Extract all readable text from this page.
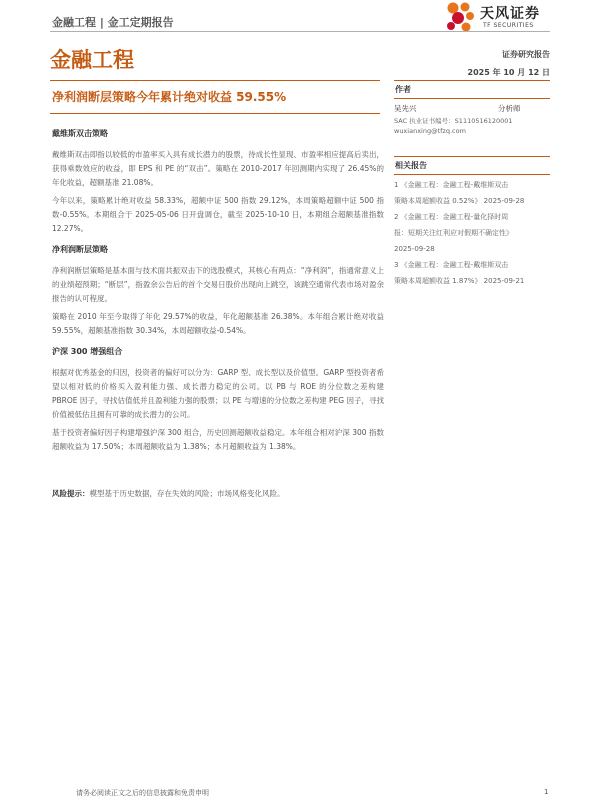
金融工程 | 金工定期报告
天风证券
TF SECURITIES
金融工程	证券研究报告
2025 年 10 月 12 日
净利润断层策略今年累计绝对收益 59.55%
戴维斯双击策略

戴维斯双击即指以较低的市盈率买入具有成长潜力的股票，待成长性显现、市盈率相应提高后卖出，获得乘数效应的收益，即 EPS 和 PE 的“双击”。策略在 2010-2017 年回测期内实现了 26.45%的年化收益，超额基准 21.08%。

今年以来，策略累计绝对收益 58.33%，超额中证 500 指数 29.12%，本周策略超额中证 500 指数-0.55%。本期组合于 2025-05-06 日开盘调仓，截至 2025-10-10 日，本期组合超额基准指数 12.27%。

净利润断层策略

净利润断层策略是基本面与技术面共振双击下的选股模式，其核心有两点：“净利润”，指通常意义上的业绩超预期；“断层”，指盈余公告后的首个交易日股价出现向上跳空，该跳空通常代表市场对盈余报告的认可程度。

策略在 2010 年至今取得了年化 29.57%的收益，年化超额基准 26.38%。本年组合累计绝对收益 59.55%，超额基准指数 30.34%，本周超额收益-0.54%。

沪深 300 增强组合

根据对优秀基金的归因，投资者的偏好可以分为：GARP 型、成长型以及价值型。GARP 型投资者希望以相对低的价格买入盈利能力强、成长潜力稳定的公司。以 PB 与 ROE 的分位数之差构建 PBROE 因子，寻找估值低并且盈利能力强的股票；以 PE 与增速的分位数之差构建 PEG 因子，寻找价值被低估且拥有可靠的成长潜力的公司。

基于投资者偏好因子构建增强沪深 300 组合，历史回测超额收益稳定。本年组合相对沪深 300 指数超额收益为 17.50%；本周超额收益为 1.38%；本月超额收益为 1.38%。

风险提示：模型基于历史数据，存在失效的风险；市场风格变化风险。
作者
吴先兴	分析师
SAC 执业证书编号：S1110516120001
wuxianxing@tfzq.com
相关报告
1 《金融工程：金融工程-戴维斯双击
策略本周超额收益 0.52%》 2025-09-28
2 《金融工程：金融工程-量化择时周
报：短期关注红利应对假期不确定性》
2025-09-28
3 《金融工程：金融工程-戴维斯双击
策略本周超额收益 1.87%》 2025-09-21
请务必阅读正文之后的信息披露和免责申明	1
